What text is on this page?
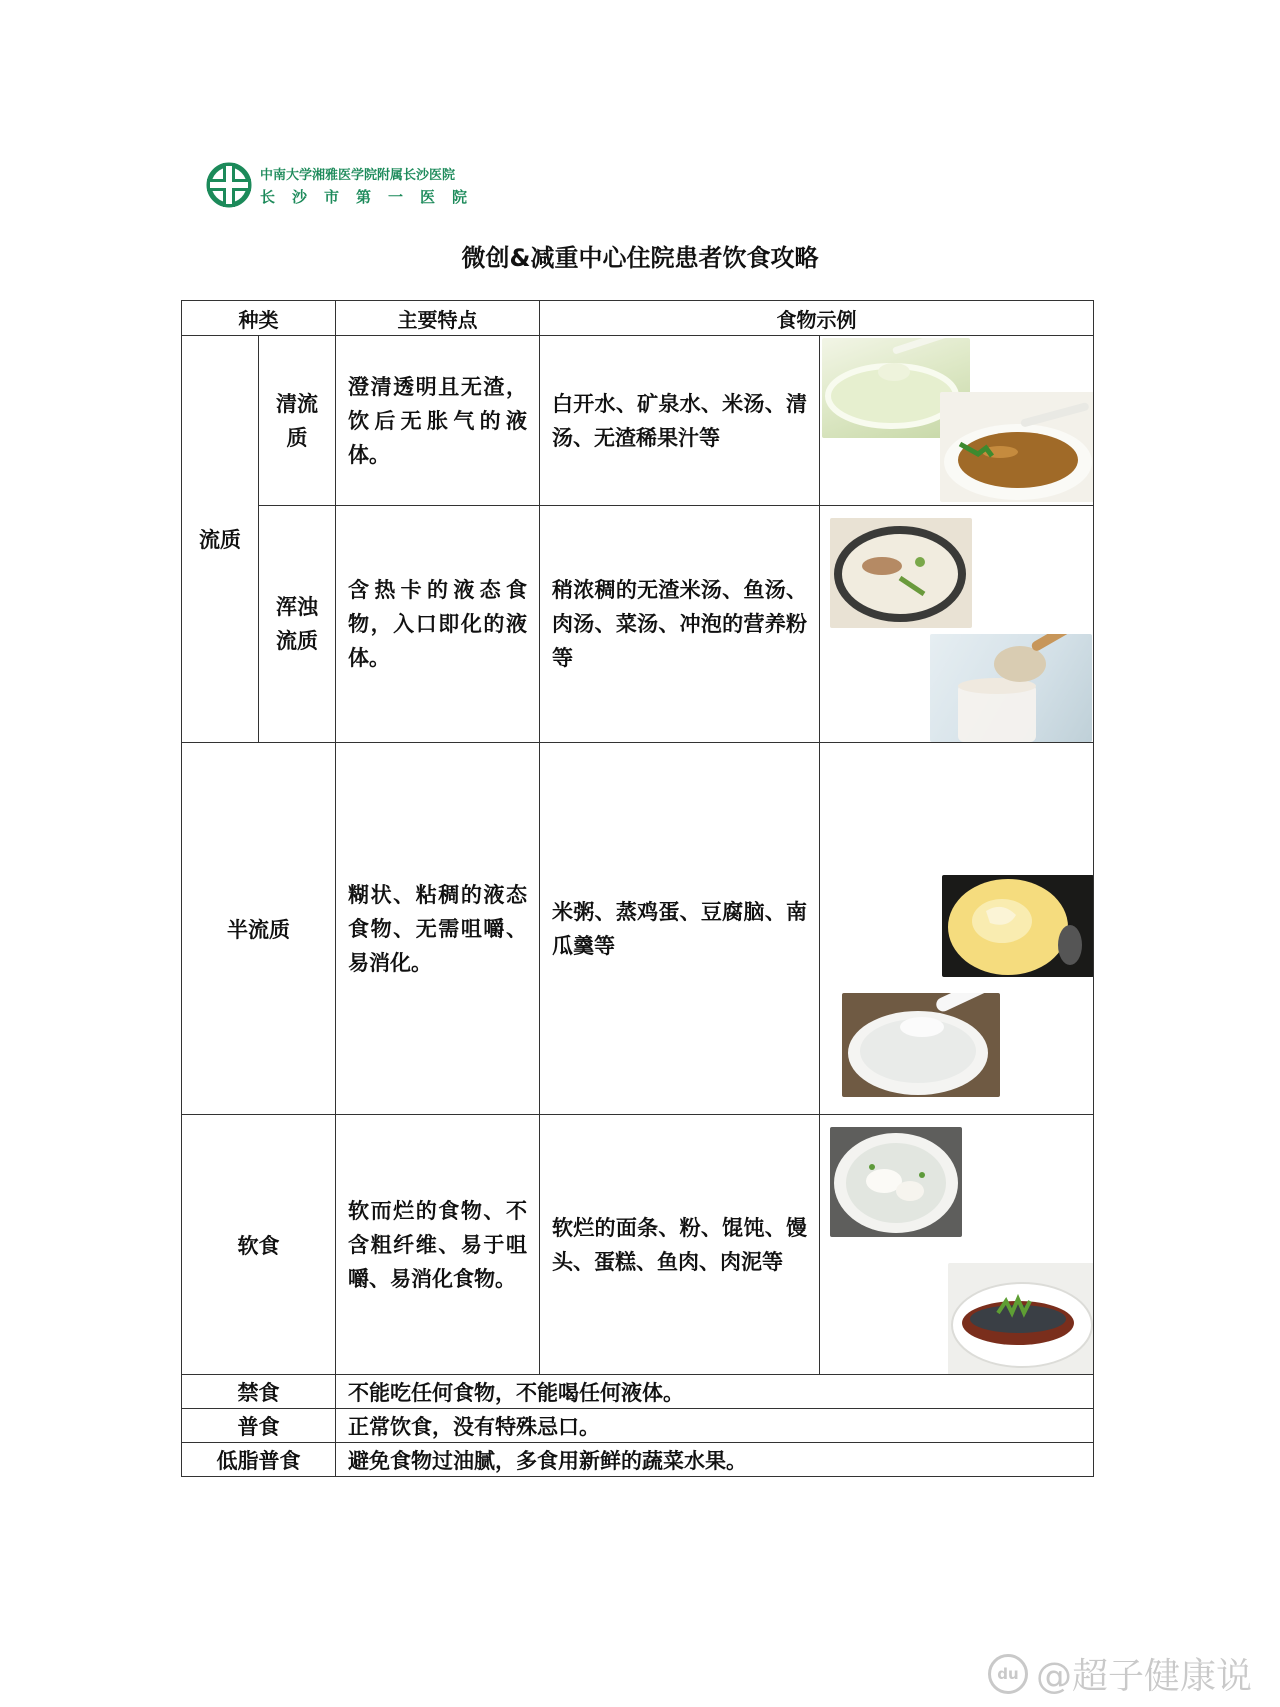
中南大学湘雅医学院附属长沙医院
长沙市第一医院
微创&减重中心住院患者饮食攻略
种类		主要特点	食物示例	
流质	清流质	澄清透明且无渣，饮后无胀气的液体。	白开水、矿泉水、米汤、清汤、无渣稀果汁等	

	浑浊流质	含热卡的液态食物，入口即化的液体。	稍浓稠的无渣米汤、鱼汤、肉汤、菜汤、冲泡的营养粉等	

半流质		糊状、粘稠的液态食物、无需咀嚼、易消化。	米粥、蒸鸡蛋、豆腐脑、南瓜羹等	

软食		软而烂的食物、不含粗纤维、易于咀嚼、易消化食物。	软烂的面条、粉、馄饨、馒头、蛋糕、鱼肉、肉泥等	

禁食		不能吃任何食物，不能喝任何液体。		
普食		正常饮食，没有特殊忌口。		
低脂普食		避免食物过油腻，多食用新鲜的蔬菜水果。		
du @超子健康说
